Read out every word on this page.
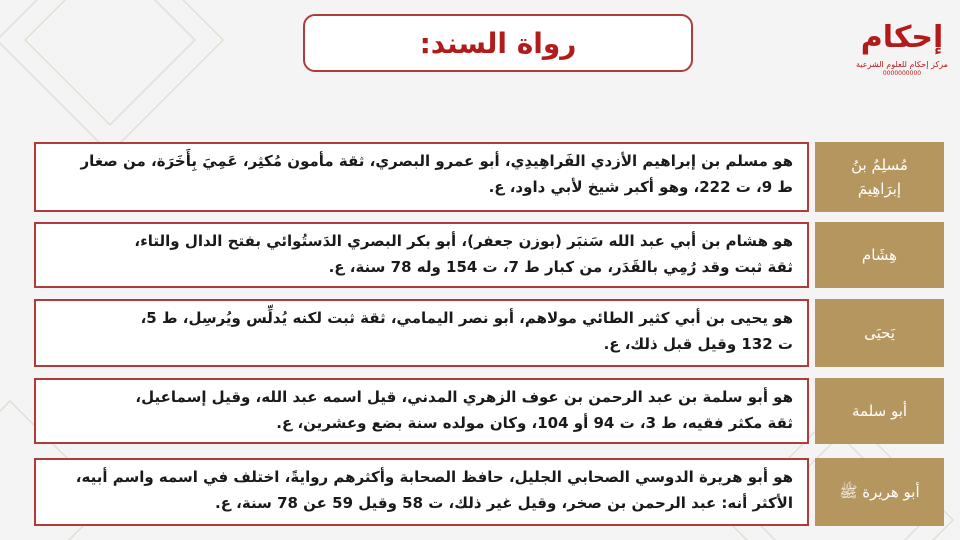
رواة السند:	إحكام
مركز إحكام للعلوم الشرعية
0000000000
هو مسلم بن إبراهيم الأزدي الفَراهِيدِي، أبو عمرو البصري، ثقة مأمون مُكثِر، عَمِيَ بِأَخَرَة، من صغار
ط 9، ت 222، وهو أكبر شيخ لأبي داود، ع.
مُسلِمُ بنُ
إبرَاهِيمَ
هو هشام بن أبي عبد الله سَنبَر (بوزن جعفر)، أبو بكر البصري الدَستُوائي بفتح الدال والتاء،
ثقة ثبت وقد رُمِي بالقَدَر، من كبار ط 7، ت 154 وله 78 سنة، ع.
هِشَام
هو يحيى بن أبي كثير الطائي مولاهم، أبو نصر اليمامي، ثقة ثبت لكنه يُدلِّس ويُرسِل، ط 5،
ت 132 وقيل قبل ذلك، ع.
يَحيَى
هو أبو سلمة بن عبد الرحمن بن عوف الزهري المدني، قيل اسمه عبد الله، وقيل إسماعيل،
ثقة مكثر فقيه، ط 3، ت 94 أو 104، وكان مولده سنة بضع وعشرين، ع.
أبو سلمة
هو أبو هريرة الدوسي الصحابي الجليل، حافظ الصحابة وأكثرهم روايةً، اختلف في اسمه واسم أبيه،
الأكثر أنه: عبد الرحمن بن صخر، وقيل غير ذلك، ت 58 وقيل 59 عن 78 سنة، ع.
أبو هريرة ﷺ
